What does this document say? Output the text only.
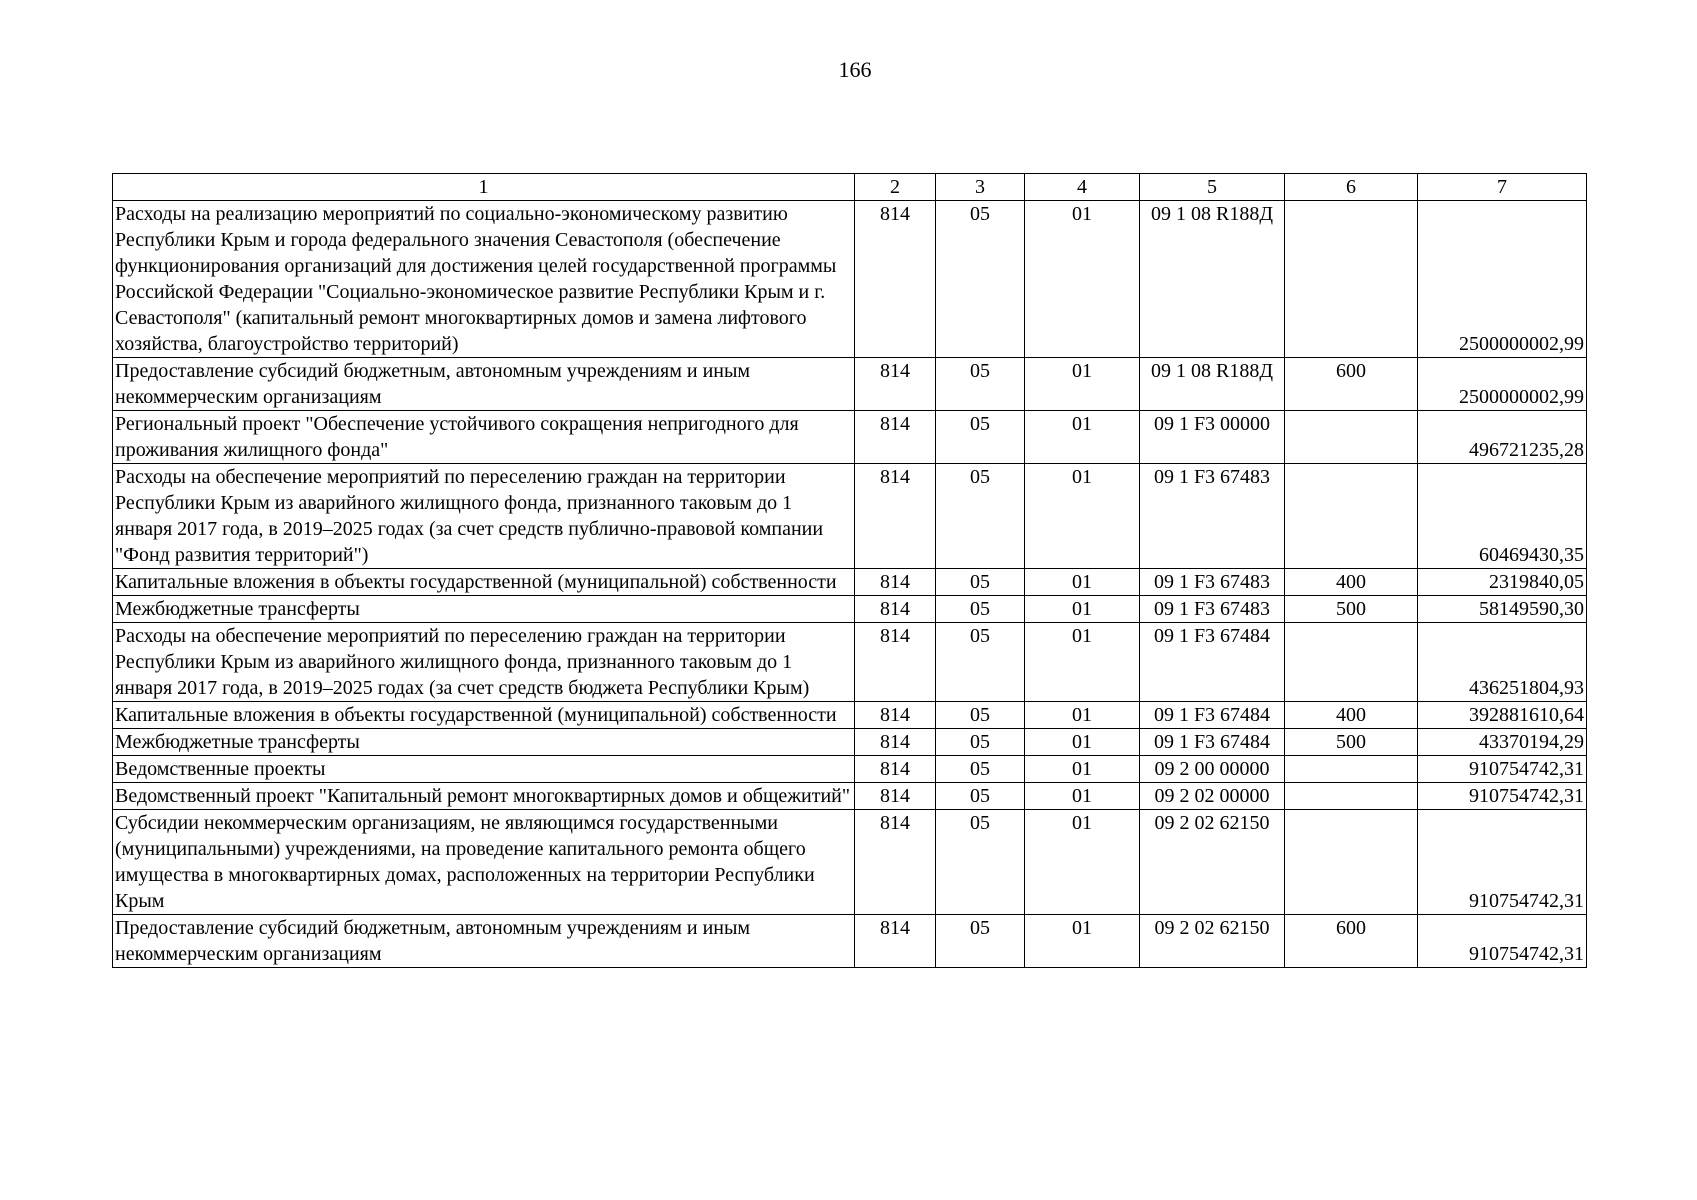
166
1	2	3	4	5	6	7
Расходы на реализацию мероприятий по социально-экономическому развитию Республики Крым и города федерального значения Севастополя (обеспечение функционирования организаций для достижения целей государственной программы Российской Федерации "Социально-экономическое развитие Республики Крым и г. Севастополя" (капитальный ремонт многоквартирных домов и замена лифтового хозяйства, благоустройство территорий)	814	05	01	09 1 08 R188Д		2500000002,99
Предоставление субсидий бюджетным, автономным учреждениям и иным некоммерческим организациям	814	05	01	09 1 08 R188Д	600	2500000002,99
Региональный проект "Обеспечение устойчивого сокращения непригодного для проживания жилищного фонда"	814	05	01	09 1 F3 00000		496721235,28
Расходы на обеспечение мероприятий по переселению граждан на территории Республики Крым из аварийного жилищного фонда, признанного таковым до 1 января 2017 года, в 2019–2025 годах (за счет средств публично-правовой компании "Фонд развития территорий")	814	05	01	09 1 F3 67483		60469430,35
Капитальные вложения в объекты государственной (муниципальной) собственности	814	05	01	09 1 F3 67483	400	2319840,05
Межбюджетные трансферты	814	05	01	09 1 F3 67483	500	58149590,30
Расходы на обеспечение мероприятий по переселению граждан на территории Республики Крым из аварийного жилищного фонда, признанного таковым до 1 января 2017 года, в 2019–2025 годах (за счет средств бюджета Республики Крым)	814	05	01	09 1 F3 67484		436251804,93
Капитальные вложения в объекты государственной (муниципальной) собственности	814	05	01	09 1 F3 67484	400	392881610,64
Межбюджетные трансферты	814	05	01	09 1 F3 67484	500	43370194,29
Ведомственные проекты	814	05	01	09 2 00 00000		910754742,31
Ведомственный проект "Капитальный ремонт многоквартирных домов и общежитий"	814	05	01	09 2 02 00000		910754742,31
Субсидии некоммерческим организациям, не являющимся государственными (муниципальными) учреждениями, на проведение капитального ремонта общего имущества в многоквартирных домах, расположенных на территории Республики Крым	814	05	01	09 2 02 62150		910754742,31
Предоставление субсидий бюджетным, автономным учреждениям и иным некоммерческим организациям	814	05	01	09 2 02 62150	600	910754742,31
